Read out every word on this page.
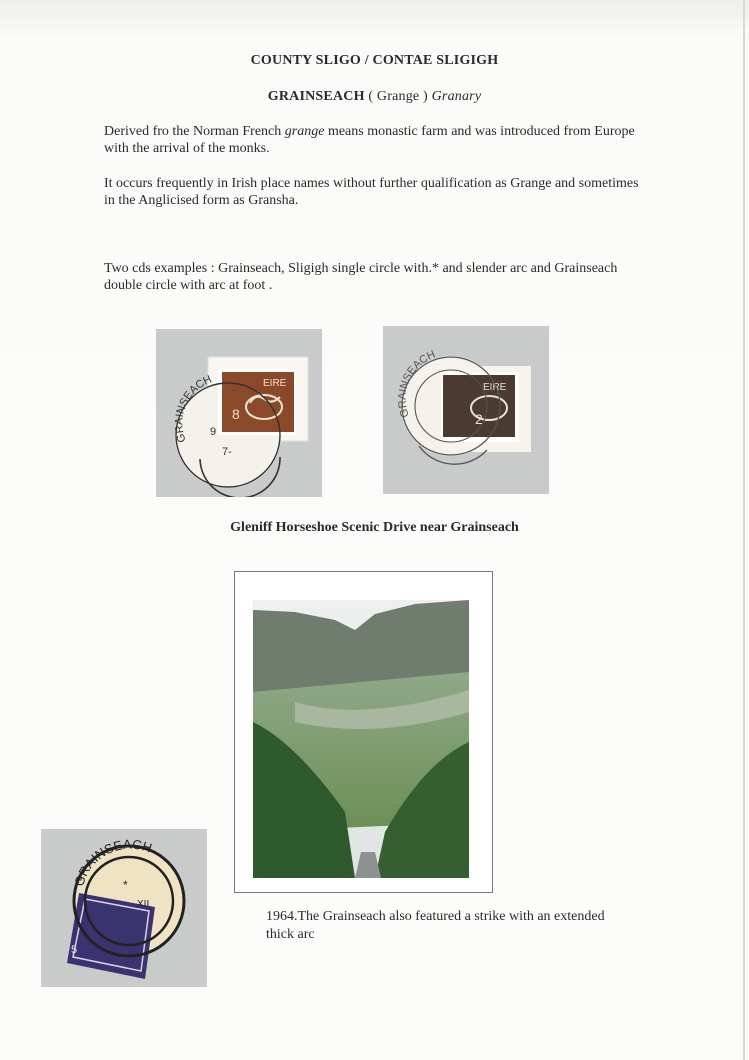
COUNTY SLIGO / CONTAE SLIGIGH
GRAINSEACH ( Grange ) Granary
Derived fro the Norman French grange means monastic farm and was introduced from Europe with the arrival of the monks.
It occurs frequently in Irish place names without further qualification as Grange and sometimes in the Anglicised form as Gransha.
Two cds examples : Grainseach, Sligigh single circle with.* and slender arc and Grainseach double circle with arc at foot .
EIRE
8
GRAINSEACH
9
7-
EIRE
2
GRAINSEACH
Gleniff Horseshoe Scenic Drive near Grainseach
5
GRAINSEACH
*
XII
1964.The Grainseach also featured a strike with an extended thick arc
